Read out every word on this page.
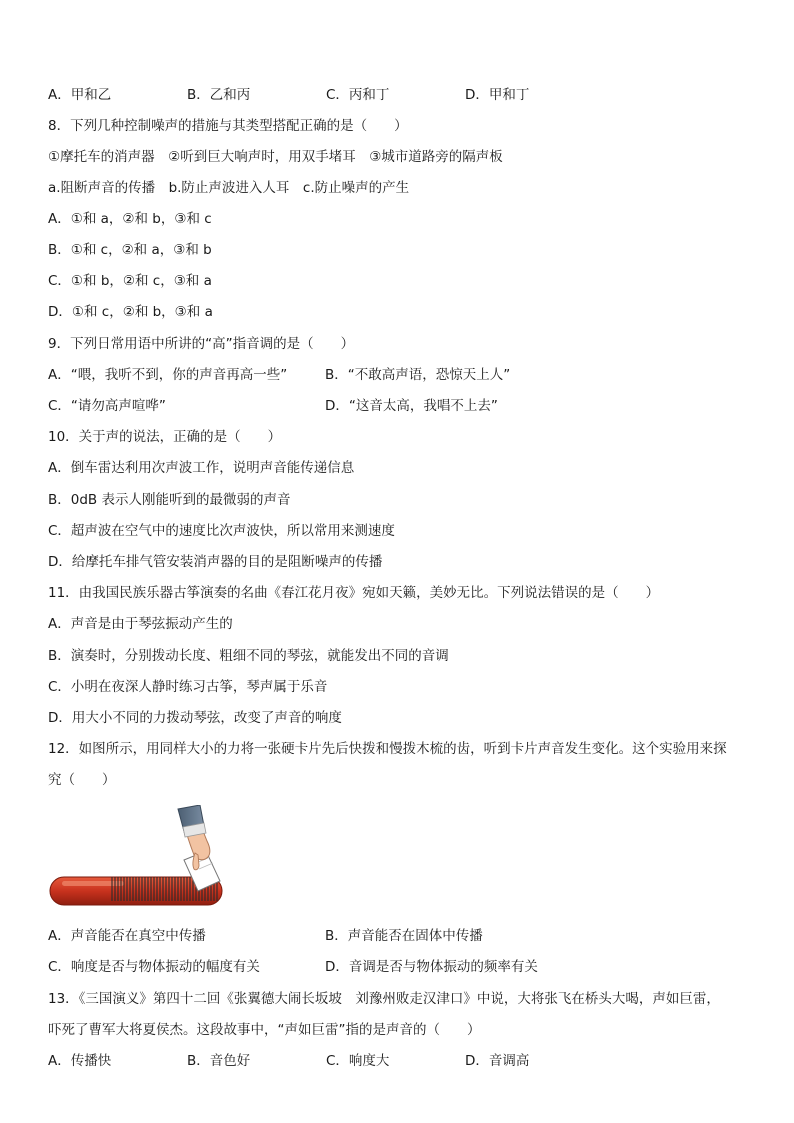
A．甲和乙	B．乙和丙	C．丙和丁	D．甲和丁
8．下列几种控制噪声的措施与其类型搭配正确的是（　　）
①摩托车的消声器　②听到巨大响声时，用双手堵耳　③城市道路旁的隔声板
a.阻断声音的传播　b.防止声波进入人耳　c.防止噪声的产生
A．①和 a，②和 b，③和 c
B．①和 c，②和 a，③和 b
C．①和 b，②和 c，③和 a
D．①和 c，②和 b，③和 a
9．下列日常用语中所讲的“高”指音调的是（　　）
A．“喂，我听不到，你的声音再高一些”	B．“不敢高声语，恐惊天上人”
C．“请勿高声喧哗”	D．“这音太高，我唱不上去”
10．关于声的说法，正确的是（　　）
A．倒车雷达利用次声波工作，说明声音能传递信息
B．0dB 表示人刚能听到的最微弱的声音
C．超声波在空气中的速度比次声波快，所以常用来测速度
D．给摩托车排气管安装消声器的目的是阻断噪声的传播
11．由我国民族乐器古筝演奏的名曲《春江花月夜》宛如天籁，美妙无比。下列说法错误的是（　　）
A．声音是由于琴弦振动产生的
B．演奏时，分别拨动长度、粗细不同的琴弦，就能发出不同的音调
C．小明在夜深人静时练习古筝，琴声属于乐音
D．用大小不同的力拨动琴弦，改变了声音的响度
12．如图所示，用同样大小的力将一张硬卡片先后快拨和慢拨木梳的齿，听到卡片声音发生变化。这个实验用来探
究（　　）
A．声音能否在真空中传播	B．声音能否在固体中传播
C．响度是否与物体振动的幅度有关	D．音调是否与物体振动的频率有关
13．《三国演义》第四十二回《张翼德大闹长坂坡　刘豫州败走汉津口》中说，大将张飞在桥头大喝，声如巨雷，
吓死了曹军大将夏侯杰。这段故事中，“声如巨雷”指的是声音的（　　）
A．传播快	B．音色好	C．响度大	D．音调高
